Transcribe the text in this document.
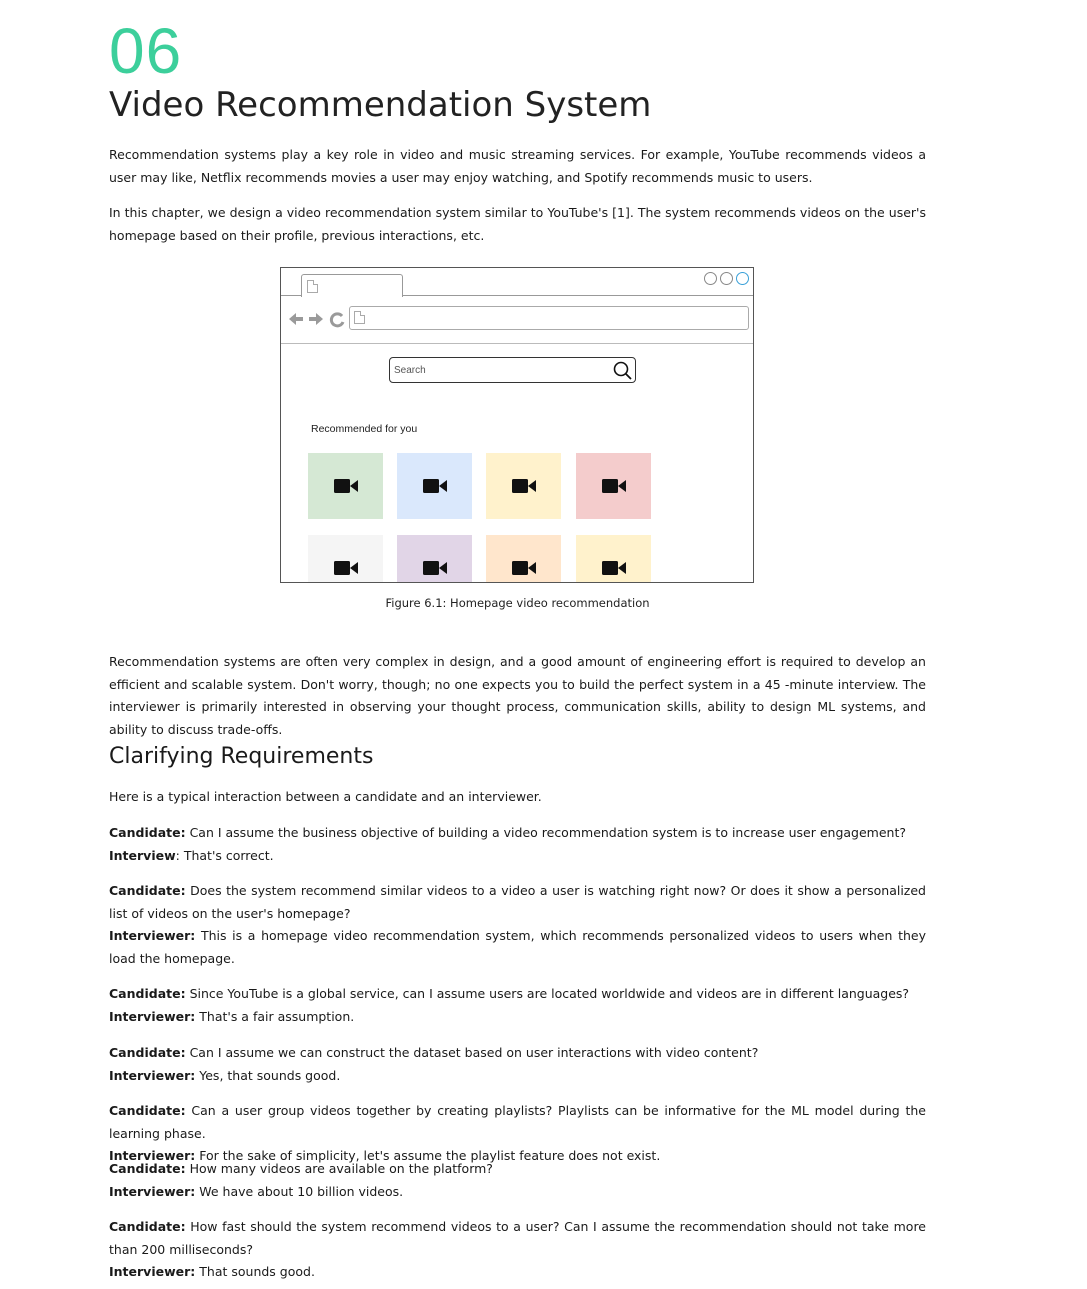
06
Video Recommendation System

Recommendation systems play a key role in video and music streaming services. For example, YouTube recommends videos a user may like, Netflix recommends movies a user may enjoy watching, and Spotify recommends music to users.

In this chapter, we design a video recommendation system similar to YouTube's [1]. The system recommends videos on the user's homepage based on their profile, previous interactions, etc.

Search
Recommended for you
Figure 6.1: Homepage video recommendation

Recommendation systems are often very complex in design, and a good amount of engineering effort is required to develop an efficient and scalable system. Don't worry, though; no one expects you to build the perfect system in a 45 -minute interview. The interviewer is primarily interested in observing your thought process, communication skills, ability to design ML systems, and ability to discuss trade-offs.

Clarifying Requirements

Here is a typical interaction between a candidate and an interviewer.

Candidate: Can I assume the business objective of building a video recommendation system is to increase user engagement?
Interview: That's correct.
Candidate: Does the system recommend similar videos to a video a user is watching right now? Or does it show a personalized list of videos on the user's homepage?
Interviewer: This is a homepage video recommendation system, which recommends personalized videos to users when they load the homepage.
Candidate: Since YouTube is a global service, can I assume users are located worldwide and videos are in different languages?
Interviewer: That's a fair assumption.
Candidate: Can I assume we can construct the dataset based on user interactions with video content?
Interviewer: Yes, that sounds good.
Candidate: Can a user group videos together by creating playlists? Playlists can be informative for the ML model during the learning phase.
Interviewer: For the sake of simplicity, let's assume the playlist feature does not exist.
Candidate: How many videos are available on the platform?
Interviewer: We have about 10 billion videos.
Candidate: How fast should the system recommend videos to a user? Can I assume the recommendation should not take more than 200 milliseconds?
Interviewer: That sounds good.
